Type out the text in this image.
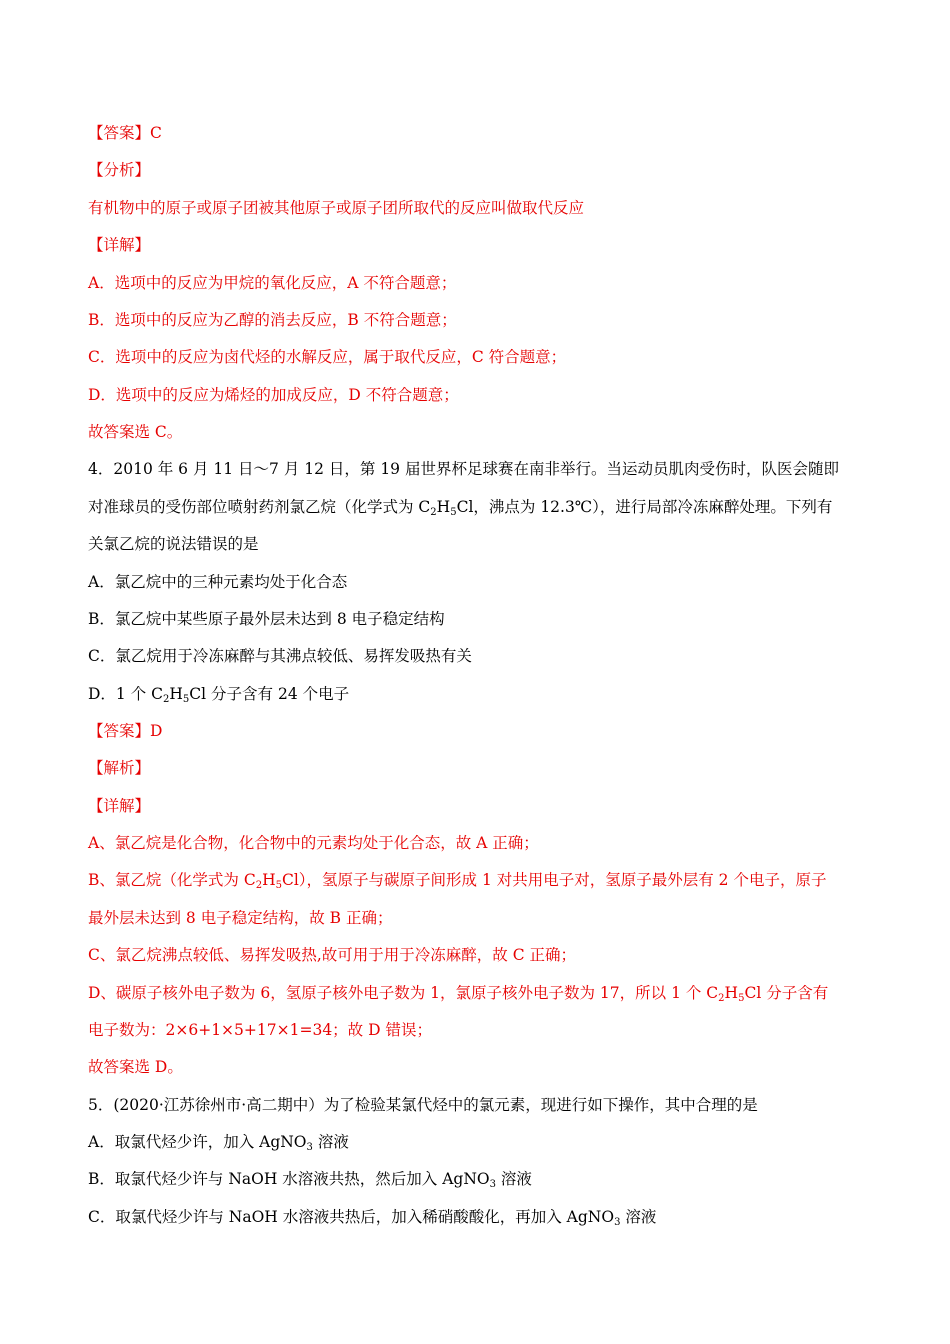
【答案】C
【分析】
有机物中的原子或原子团被其他原子或原子团所取代的反应叫做取代反应
【详解】
A．选项中的反应为甲烷的氧化反应，A 不符合题意；
B．选项中的反应为乙醇的消去反应，B 不符合题意；
C．选项中的反应为卤代烃的水解反应，属于取代反应，C 符合题意；
D．选项中的反应为烯烃的加成反应，D 不符合题意；
故答案选 C。
4．2010 年 6 月 11 日～7 月 12 日，第 19 届世界杯足球赛在南非举行。当运动员肌肉受伤时，队医会随即
对准球员的受伤部位喷射药剂氯乙烷（化学式为 $C_2H_5Cl$，沸点为 12.3℃），进行局部冷冻麻醉处理。下列有
关氯乙烷的说法错误的是
A．氯乙烷中的三种元素均处于化合态
B．氯乙烷中某些原子最外层未达到 8 电子稳定结构
C．氯乙烷用于冷冻麻醉与其沸点较低、易挥发吸热有关
D．1 个 $C_2H_5Cl$ 分子含有 24 个电子
【答案】D
【解析】
【详解】
A、氯乙烷是化合物，化合物中的元素均处于化合态，故 A 正确；
B、氯乙烷（化学式为 $C_2H_5Cl$），氢原子与碳原子间形成 1 对共用电子对，氢原子最外层有 2 个电子，原子
最外层未达到 8 电子稳定结构，故 B 正确；
C、氯乙烷沸点较低、易挥发吸热,故可用于用于冷冻麻醉，故 C 正确；
D、碳原子核外电子数为 6，氢原子核外电子数为 1，氯原子核外电子数为 17，所以 1 个 $C_2H_5Cl$ 分子含有
电子数为：2×6+1×5+17×1=34；故 D 错误；
故答案选 D。
5．(2020·江苏徐州市·高二期中）为了检验某氯代烃中的氯元素，现进行如下操作，其中合理的是
A．取氯代烃少许，加入 AgNO$_3$ 溶液
B．取氯代烃少许与 NaOH 水溶液共热，然后加入 AgNO$_3$ 溶液
C．取氯代烃少许与 NaOH 水溶液共热后，加入稀硝酸酸化，再加入 AgNO$_3$ 溶液
